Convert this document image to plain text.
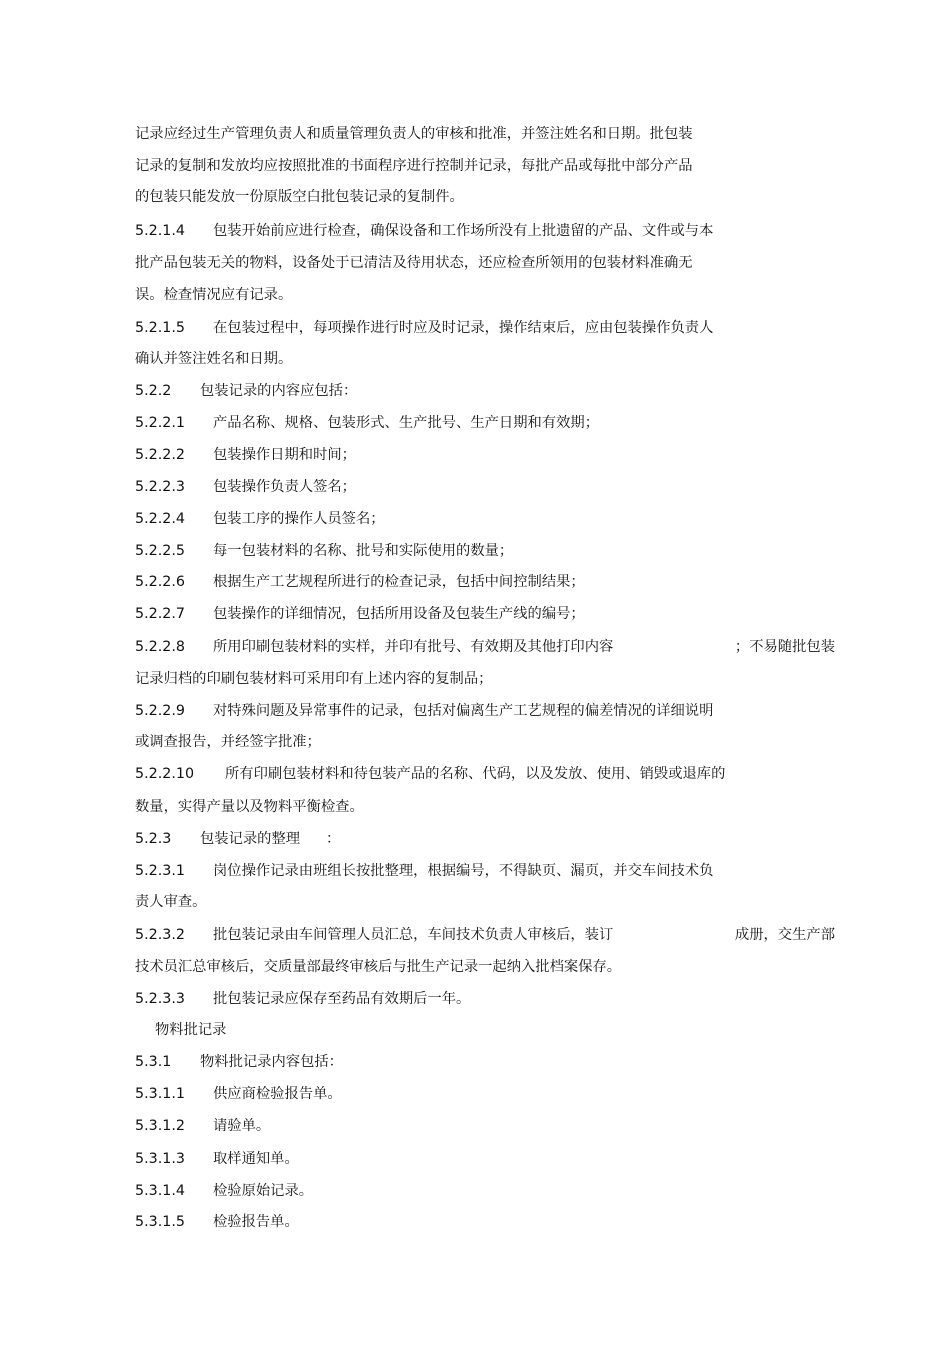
记录应经过生产管理负责人和质量管理负责人的审核和批准，并签注姓名和日期。批包装
记录的复制和发放均应按照批准的书面程序进行控制并记录，每批产品或每批中部分产品
的包装只能发放一份原版空白批包装记录的复制件。
5.2.1.4 包装开始前应进行检查，确保设备和工作场所没有上批遗留的产品、文件或与本
批产品包装无关的物料，设备处于已清洁及待用状态，还应检查所领用的包装材料准确无
误。检查情况应有记录。
5.2.1.5 在包装过程中，每项操作进行时应及时记录，操作结束后，应由包装操作负责人
确认并签注姓名和日期。
5.2.2 包装记录的内容应包括：
5.2.2.1 产品名称、规格、包装形式、生产批号、生产日期和有效期；
5.2.2.2 包装操作日期和时间；
5.2.2.3 包装操作负责人签名；
5.2.2.4 包装工序的操作人员签名；
5.2.2.5 每一包装材料的名称、批号和实际使用的数量；
5.2.2.6 根据生产工艺规程所进行的检查记录，包括中间控制结果；
5.2.2.7 包装操作的详细情况，包括所用设备及包装生产线的编号；
5.2.2.8 所用印刷包装材料的实样，并印有批号、有效期及其他打印内容	；不易随批包装
记录归档的印刷包装材料可采用印有上述内容的复制品；
5.2.2.9 对特殊问题及异常事件的记录，包括对偏离生产工艺规程的偏差情况的详细说明
或调查报告，并经签字批准；
5.2.2.10 所有印刷包装材料和待包装产品的名称、代码，以及发放、使用、销毁或退库的
数量，实得产量以及物料平衡检查。
5.2.3 包装记录的整理 ：
5.2.3.1 岗位操作记录由班组长按批整理，根据编号，不得缺页、漏页，并交车间技术负
责人审查。
5.2.3.2 批包装记录由车间管理人员汇总，车间技术负责人审核后，装订	成册，交生产部
技术员汇总审核后，交质量部最终审核后与批生产记录一起纳入批档案保存。
5.2.3.3 批包装记录应保存至药品有效期后一年。
物料批记录
5.3.1 物料批记录内容包括：
5.3.1.1 供应商检验报告单。
5.3.1.2 请验单。
5.3.1.3 取样通知单。
5.3.1.4 检验原始记录。
5.3.1.5 检验报告单。
